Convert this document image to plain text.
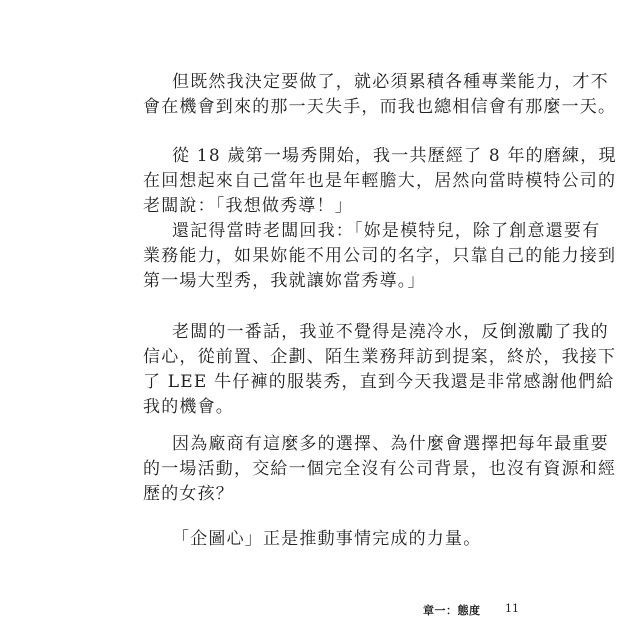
但既然我決定要做了，就必須累積各種專業能力，才不
會在機會到來的那一天失手，而我也總相信會有那麼一天。
從 18 歲第一場秀開始，我一共歷經了 8 年的磨練，現
在回想起來自己當年也是年輕膽大，居然向當時模特公司的
老闆說：「我想做秀導！」
還記得當時老闆回我：「妳是模特兒，除了創意還要有
業務能力，如果妳能不用公司的名字，只靠自己的能力接到
第一場大型秀，我就讓妳當秀導。」
老闆的一番話，我並不覺得是澆冷水，反倒激勵了我的
信心，從前置、企劃、陌生業務拜訪到提案，終於，我接下
了 LEE 牛仔褲的服裝秀，直到今天我還是非常感謝他們給
我的機會。
因為廠商有這麼多的選擇、為什麼會選擇把每年最重要
的一場活動，交給一個完全沒有公司背景，也沒有資源和經
歷的女孩？
「企圖心」正是推動事情完成的力量。
章一：態度 11
